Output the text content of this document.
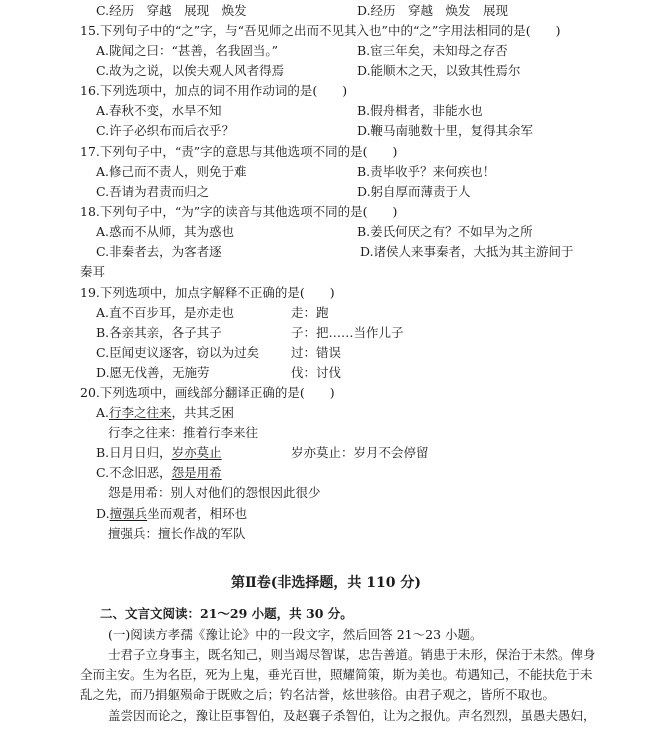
C.经历　穿越　展现　焕发	D.经历　穿越　焕发　展现
15.下列句子中的“之”字，与“吾见师之出而不见其入也”中的“之”字用法相同的是(　　)
A.陇闻之曰：“甚善，名我固当。”	B.宦三年矣，未知母之存否
C.故为之说，以俟夫观人风者得焉	D.能顺木之天，以致其性焉尔
16.下列选项中，加点的词不用作动词的是(　　)
A.春秋不变，水旱不知	B.假舟楫者，非能水也
C.许子必织布而后衣乎？	D.鞭马南驰数十里，复得其余军
17.下列句子中，“责”字的意思与其他选项不同的是(　　)
A.修己而不责人，则免于难	B.责毕收乎？来何疾也！
C.吾请为君责而归之	D.躬自厚而薄责于人
18.下列句子中，“为”字的读音与其他选项不同的是(　　)
A.惑而不从师，其为惑也	B.姜氏何厌之有？不如早为之所
C.非秦者去，为客者逐	D.诸侯人来事秦者，大抵为其主游间于
秦耳
19.下列选项中，加点字解释不正确的是(　　)
A.直不百步耳，是亦走也	走：跑
B.各亲其亲，各子其子	子：把……当作儿子
C.臣闻吏议逐客，窃以为过矣	过：错误
D.愿无伐善，无施劳	伐：讨伐
20.下列选项中，画线部分翻译正确的是(　　)
A.行李之往来，共其乏困
行李之往来：推着行李来往
B.日月日归，岁亦莫止	岁亦莫止：岁月不会停留
C.不念旧恶，怨是用希
怨是用希：别人对他们的怨恨因此很少
D.擅强兵坐而观者，相环也
擅强兵：擅长作战的军队
第Ⅱ卷(非选择题，共 110 分)
二、文言文阅读：21～29 小题，共 30 分。
(一)阅读方孝孺《豫让论》中的一段文字，然后回答 21～23 小题。
士君子立身事主，既名知己，则当竭尽智谋，忠告善道。销患于未形，保治于未然。俾身
全而主安。生为名臣，死为上鬼，垂光百世，照耀简策，斯为美也。苟遇知己，不能扶危于未
乱之先，而乃捐躯殒命于既败之后；钓名沽誉，炫世骇俗。由君子观之，皆所不取也。
盖尝因而论之，豫让臣事智伯，及赵襄子杀智伯，让为之报仇。声名烈烈，虽愚夫愚妇，
